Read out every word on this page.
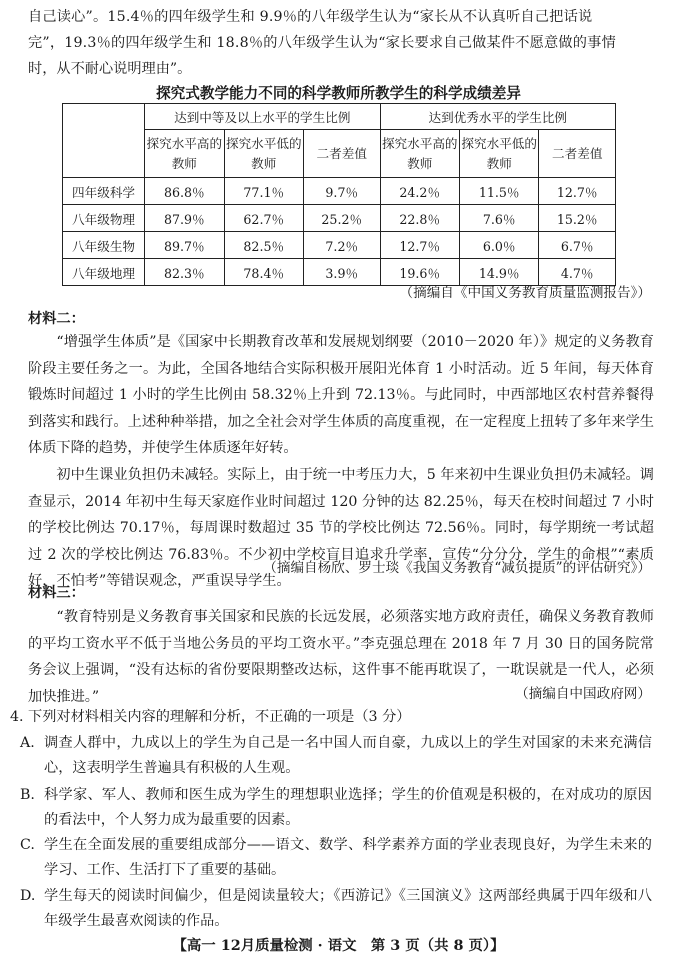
自己读心”。15.4％的四年级学生和 9.9％的八年级学生认为“家长从不认真听自己把话说
完”，19.3％的四年级学生和 18.8％的八年级学生认为“家长要求自己做某件不愿意做的事情
时，从不耐心说明理由”。
探究式教学能力不同的科学教师所教学生的科学成绩差异
	达到中等及以上水平的学生比例			达到优秀水平的学生比例		
	探究水平高的教师	探究水平低的教师	二者差值	探究水平高的教师	探究水平低的教师	二者差值
四年级科学	86.8％	77.1％	9.7％	24.2％	11.5％	12.7％
八年级物理	87.9％	62.7％	25.2％	22.8％	7.6％	15.2％
八年级生物	89.7％	82.5％	7.2％	12.7％	6.0％	6.7％
八年级地理	82.3％	78.4％	3.9％	19.6％	14.9％	4.7％
（摘编自《中国义务教育质量监测报告》）
材料二：

“增强学生体质”是《国家中长期教育改革和发展规划纲要（2010－2020 年）》规定的义务教育阶段主要任务之一。为此，全国各地结合实际积极开展阳光体育 1 小时活动。近 5 年间，每天体育锻炼时间超过 1 小时的学生比例由 58.32％上升到 72.13％。与此同时，中西部地区农村营养餐得到落实和践行。上述种种举措，加之全社会对学生体质的高度重视，在一定程度上扭转了多年来学生体质下降的趋势，并使学生体质逐年好转。

初中生课业负担仍未减轻。实际上，由于统一中考压力大，5 年来初中生课业负担仍未减轻。调查显示，2014 年初中生每天家庭作业时间超过 120 分钟的达 82.25％，每天在校时间超过 7 小时的学校比例达 70.17％，每周课时数超过 35 节的学校比例达 72.56％。同时，每学期统一考试超过 2 次的学校比例达 76.83％。不少初中学校盲目追求升学率，宣传“分分分，学生的命根”“素质好，不怕考”等错误观念，严重误导学生。

（摘编自杨欣、罗士琰《我国义务教育“减负提质”的评估研究》）
材料三：

“教育特别是义务教育事关国家和民族的长远发展，必须落实地方政府责任，确保义务教育教师的平均工资水平不低于当地公务员的平均工资水平。”李克强总理在 2018 年 7 月 30 日的国务院常务会议上强调，“没有达标的省份要限期整改达标，这件事不能再耽误了，一耽误就是一代人，必须加快推进。”	（摘编自中国政府网）
4. 下列对材料相关内容的理解和分析，不正确的一项是（3 分）
A. 调查人群中，九成以上的学生为自己是一名中国人而自豪，九成以上的学生对国家的未来充满信心，这表明学生普遍具有积极的人生观。
B. 科学家、军人、教师和医生成为学生的理想职业选择；学生的价值观是积极的，在对成功的原因的看法中，个人努力成为最重要的因素。
C. 学生在全面发展的重要组成部分——语文、数学、科学素养方面的学业表现良好，为学生未来的学习、工作、生活打下了重要的基础。
D. 学生每天的阅读时间偏少，但是阅读量较大；《西游记》《三国演义》这两部经典属于四年级和八年级学生最喜欢阅读的作品。
【高一 12月质量检测 · 语文　第 3 页（共 8 页）】
